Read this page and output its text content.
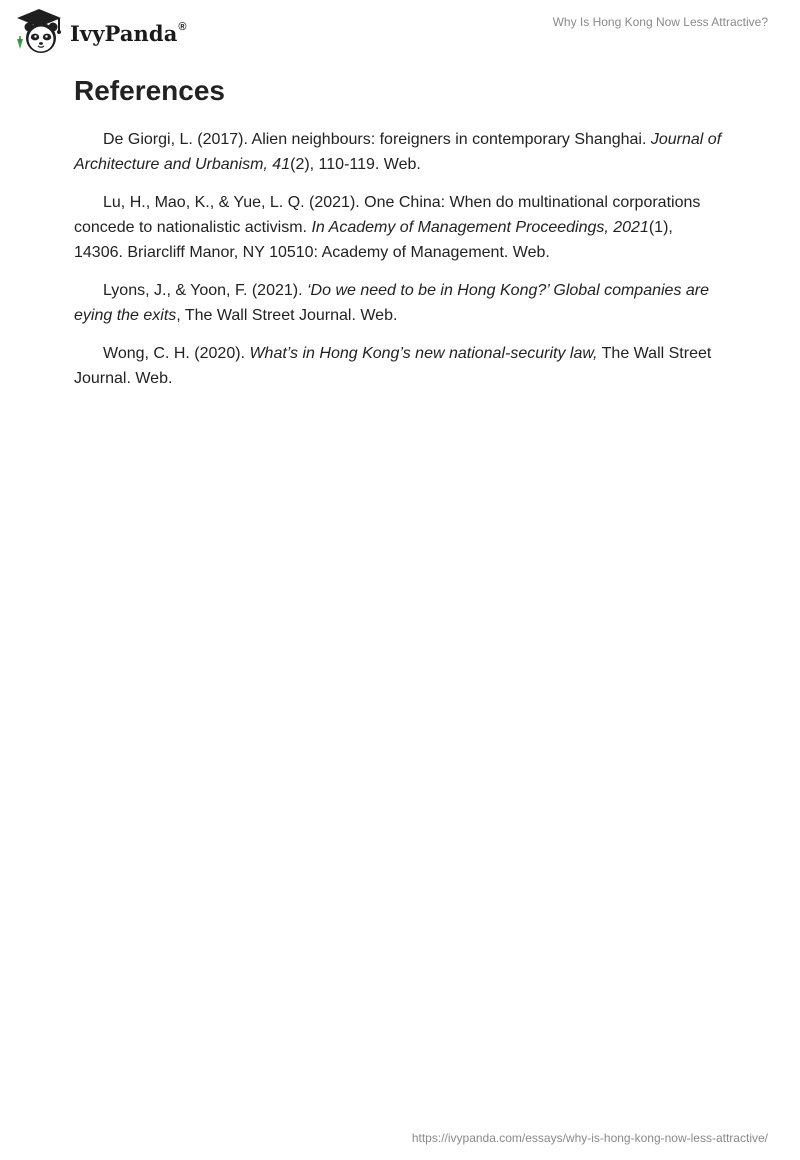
IvyPanda®	Why Is Hong Kong Now Less Attractive?
References

De Giorgi, L. (2017). Alien neighbours: foreigners in contemporary Shanghai. Journal of Architecture and Urbanism, 41(2), 110-119. Web.

Lu, H., Mao, K., & Yue, L. Q. (2021). One China: When do multinational corporations concede to nationalistic activism. In Academy of Management Proceedings, 2021(1), 14306. Briarcliff Manor, NY 10510: Academy of Management. Web.

Lyons, J., & Yoon, F. (2021). ‘Do we need to be in Hong Kong?’ Global companies are eying the exits, The Wall Street Journal. Web.

Wong, C. H. (2020). What’s in Hong Kong’s new national-security law, The Wall Street Journal. Web.

https://ivypanda.com/essays/why-is-hong-kong-now-less-attractive/
